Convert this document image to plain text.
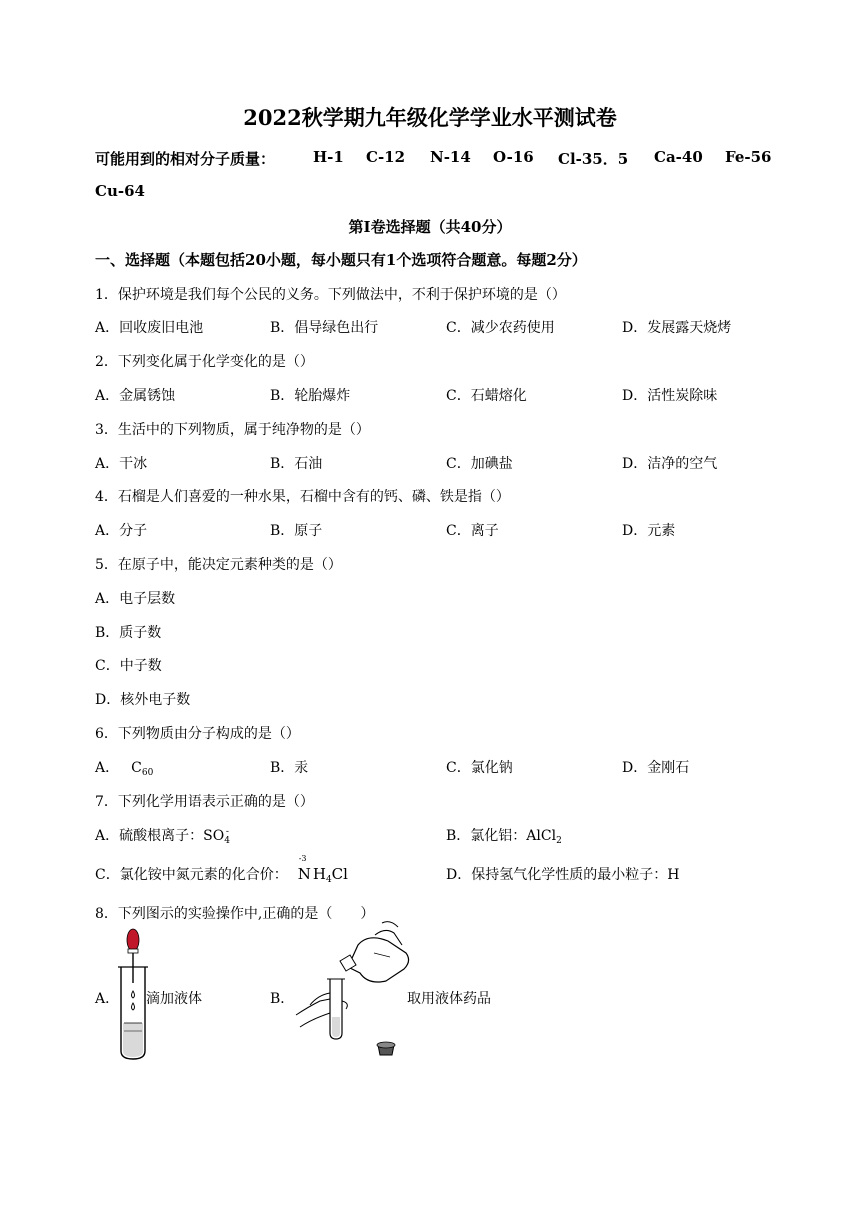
2022秋学期九年级化学学业水平测试卷
可能用到的相对分子质量：	H-1 C-12 N-14 O-16 Cl-35．5 Ca-40 Fe-56
Cu-64
第Ⅰ卷选择题（共40分）
一、选择题（本题包括20小题，每小题只有1个选项符合题意。每题2分）
1．保护环境是我们每个公民的义务。下列做法中，不利于保护环境的是（）
A．回收废旧电池	B．倡导绿色出行	C．减少农药使用	D．发展露天烧烤
2．下列变化属于化学变化的是（）
A．金属锈蚀	B．轮胎爆炸	C．石蜡熔化	D．活性炭除味
3．生活中的下列物质，属于纯净物的是（）
A．干冰	B．石油	C．加碘盐	D．洁净的空气
4．石榴是人们喜爱的一种水果，石榴中含有的钙、磷、铁是指（）
A．分子	B．原子	C．离子	D．元素
5．在原子中，能决定元素种类的是（）
A．电子层数
B．质子数
C．中子数
D．核外电子数
6．下列物质由分子构成的是（）
A． $C_{60}$	B．汞	C．氯化钠	D．金刚石
7．下列化学用语表示正确的是（）
A．硫酸根离子：$SO_4^-$	B．氯化铝：AlCl$_2$
C．氯化铵中氮元素的化合价：
-3
N $H_4Cl$	D．保持氢气化学性质的最小粒子：H
8．下列图示的实验操作中,正确的是（　　）
A． 滴加液体	B．	取用液体药品
